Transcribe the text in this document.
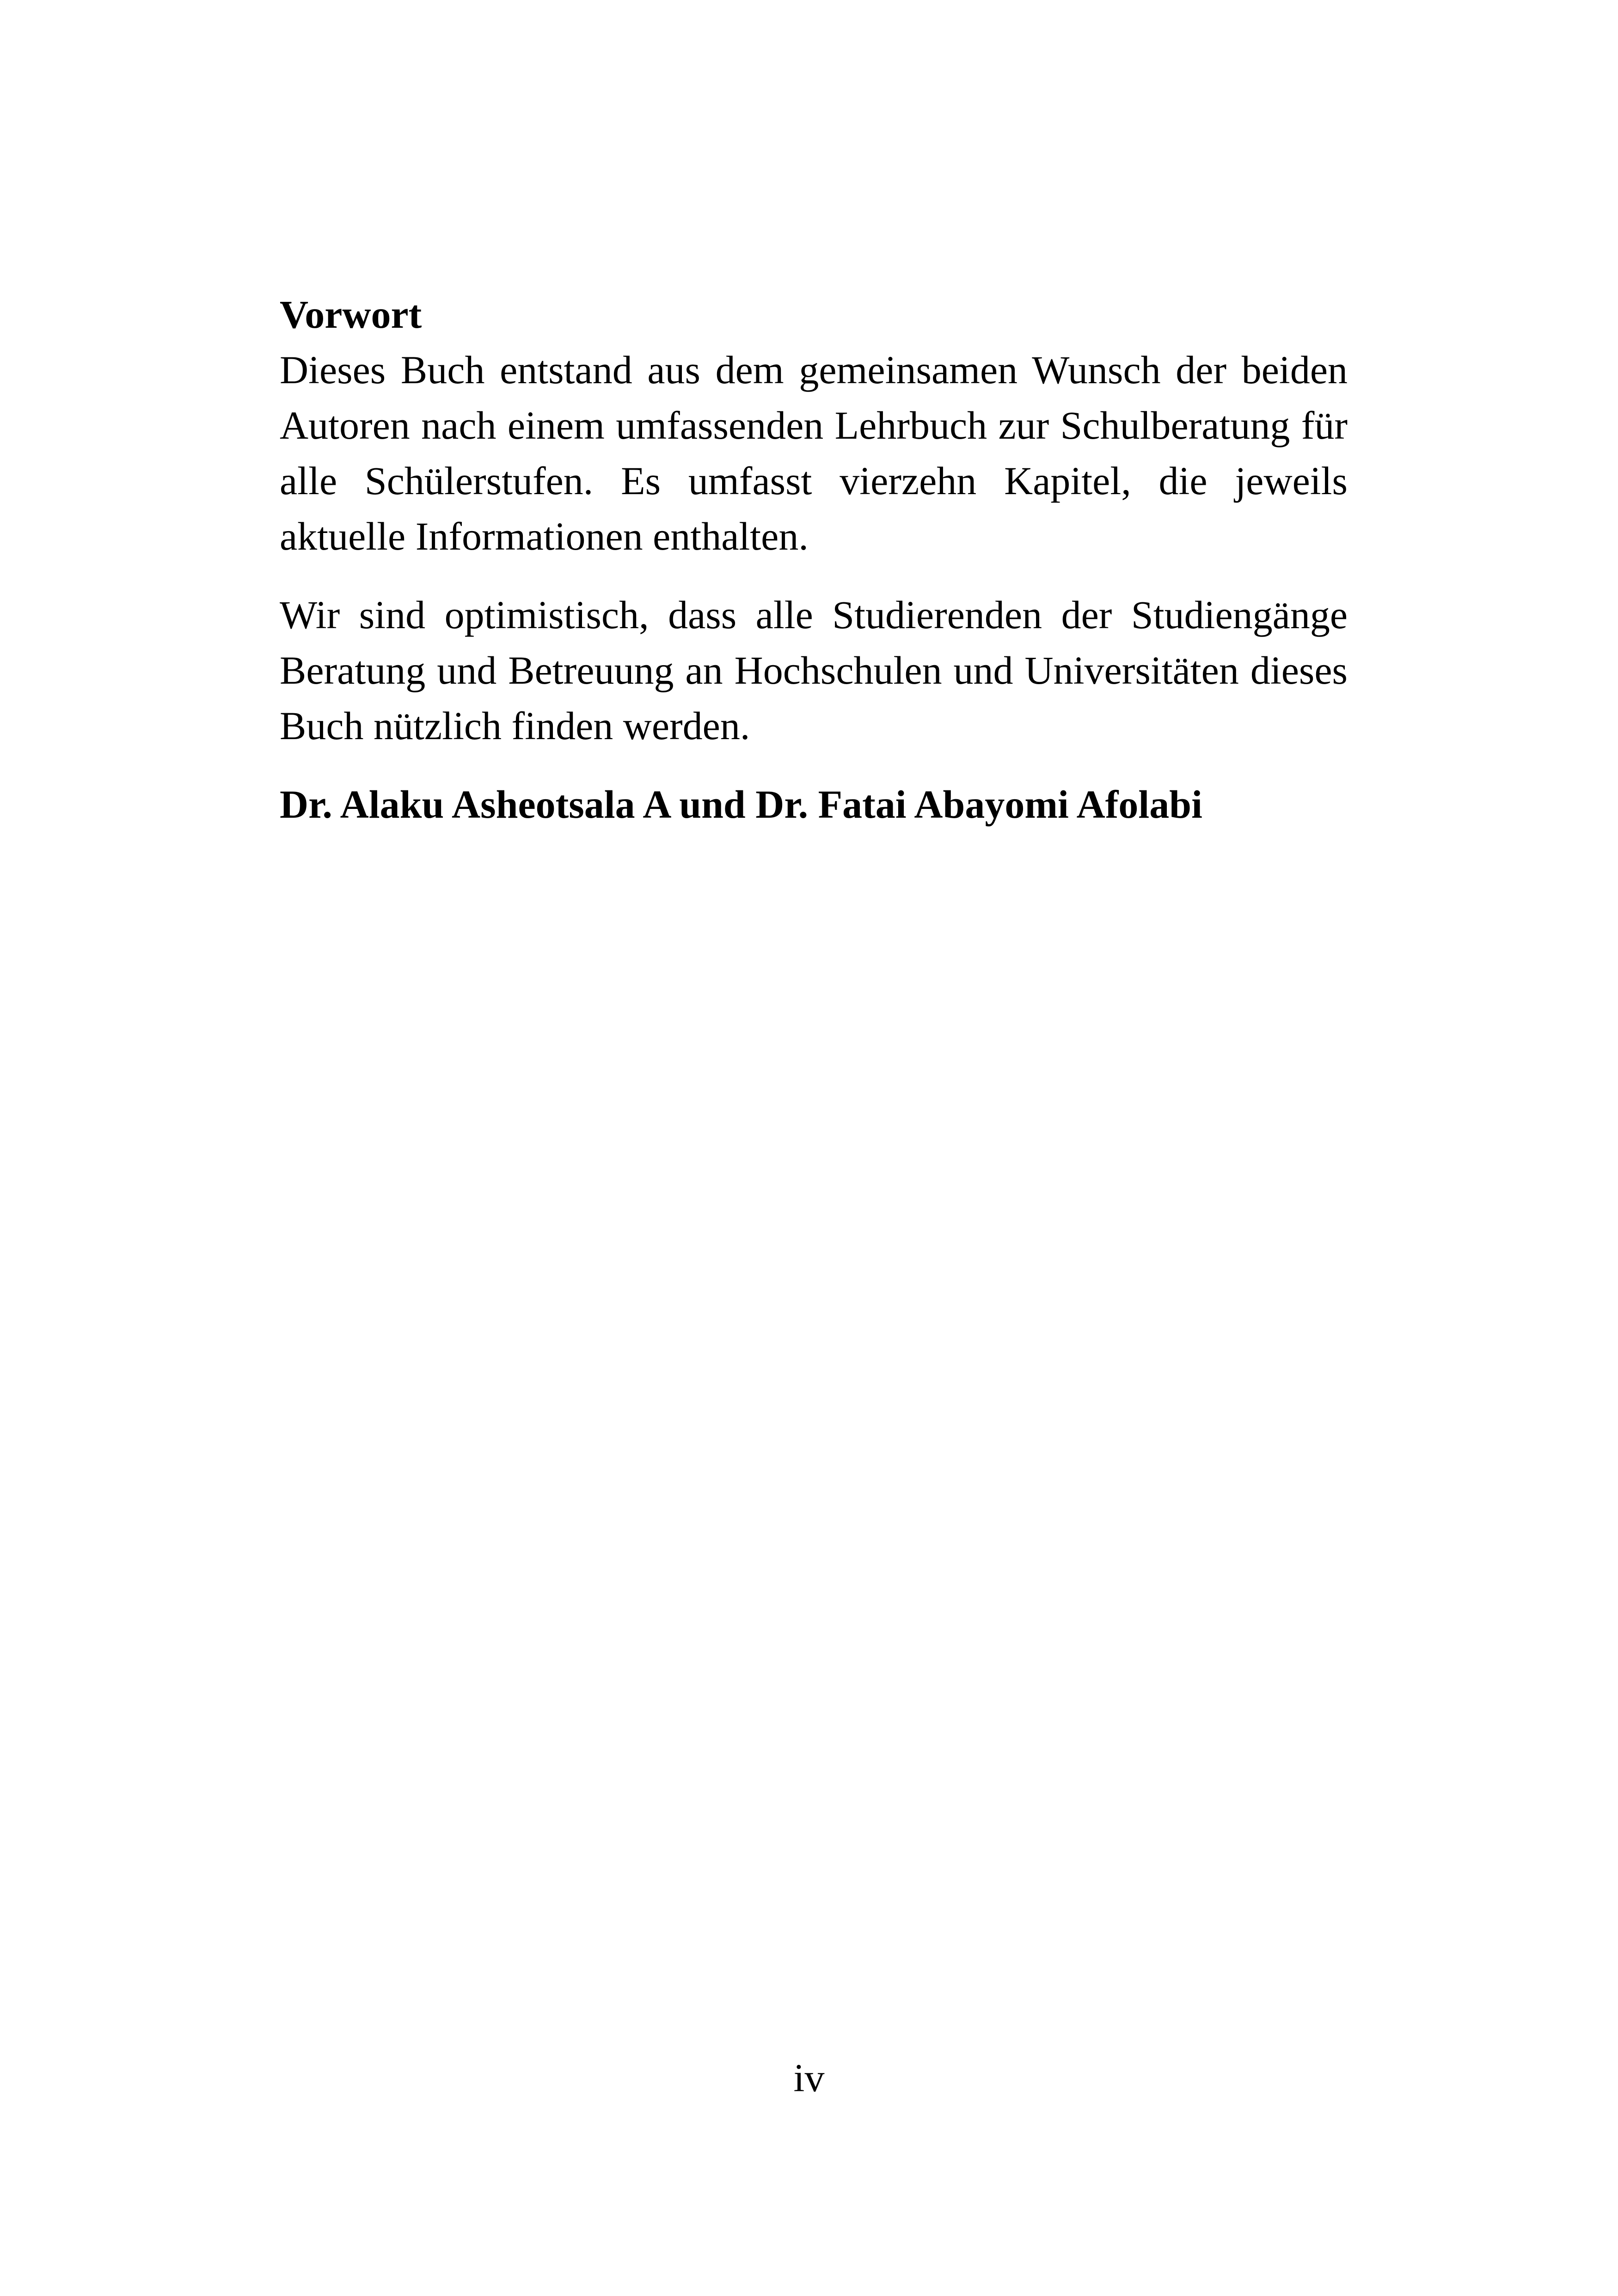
Vorwort

Dieses Buch entstand aus dem gemeinsamen Wunsch der beiden Autoren nach einem umfassenden Lehrbuch zur Schulberatung für alle Schülerstufen. Es umfasst vierzehn Kapitel, die jeweils aktuelle Informationen enthalten.

Wir sind optimistisch, dass alle Studierenden der Studiengänge Beratung und Betreuung an Hochschulen und Universitäten dieses Buch nützlich finden werden.

Dr. Alaku Asheotsala A und Dr. Fatai Abayomi Afolabi

iv
